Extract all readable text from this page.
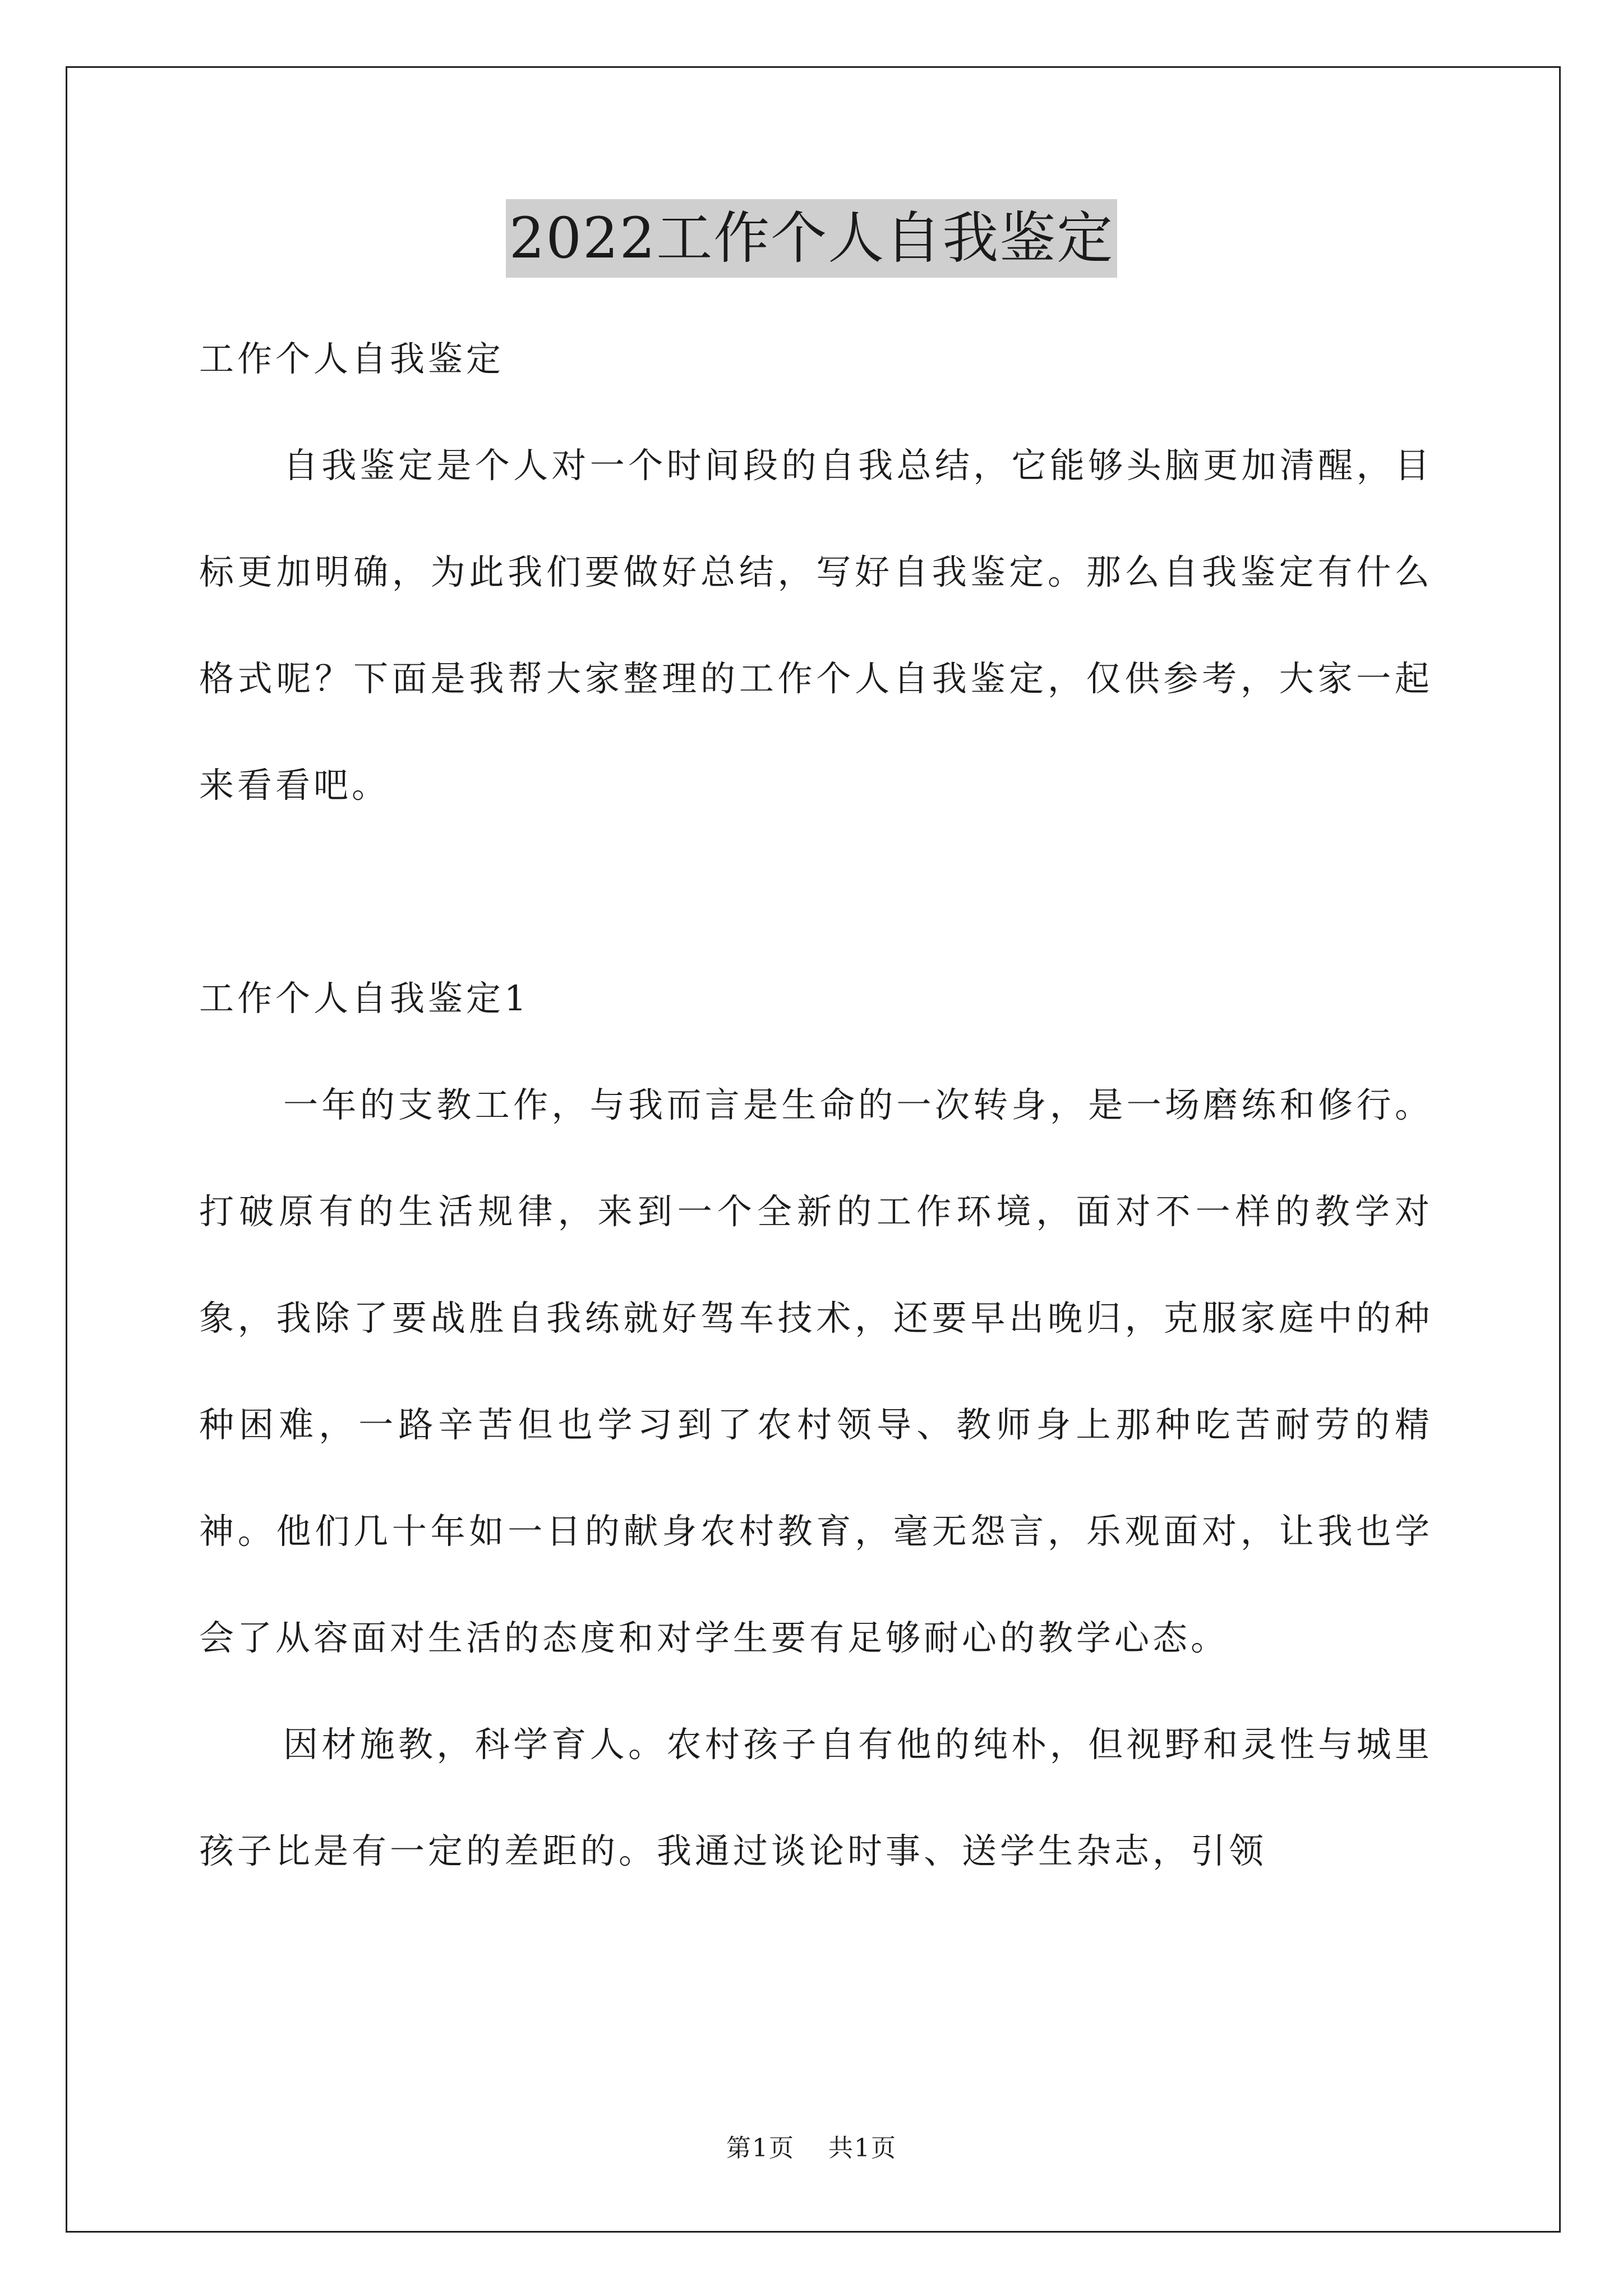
2022工作个人自我鉴定

工作个人自我鉴定

自我鉴定是个人对一个时间段的自我总结，它能够头脑更加清醒，目标更加明确，为此我们要做好总结，写好自我鉴定。那么自我鉴定有什么格式呢？下面是我帮大家整理的工作个人自我鉴定，仅供参考，大家一起来看看吧。

工作个人自我鉴定1

一年的支教工作，与我而言是生命的一次转身，是一场磨练和修行。打破原有的生活规律，来到一个全新的工作环境，面对不一样的教学对象，我除了要战胜自我练就好驾车技术，还要早出晚归，克服家庭中的种种困难，一路辛苦但也学习到了农村领导、教师身上那种吃苦耐劳的精神。他们几十年如一日的献身农村教育，毫无怨言，乐观面对，让我也学会了从容面对生活的态度和对学生要有足够耐心的教学心态。

因材施教，科学育人。农村孩子自有他的纯朴，但视野和灵性与城里孩子比是有一定的差距的。我通过谈论时事、送学生杂志，引领

第1页 共1页
